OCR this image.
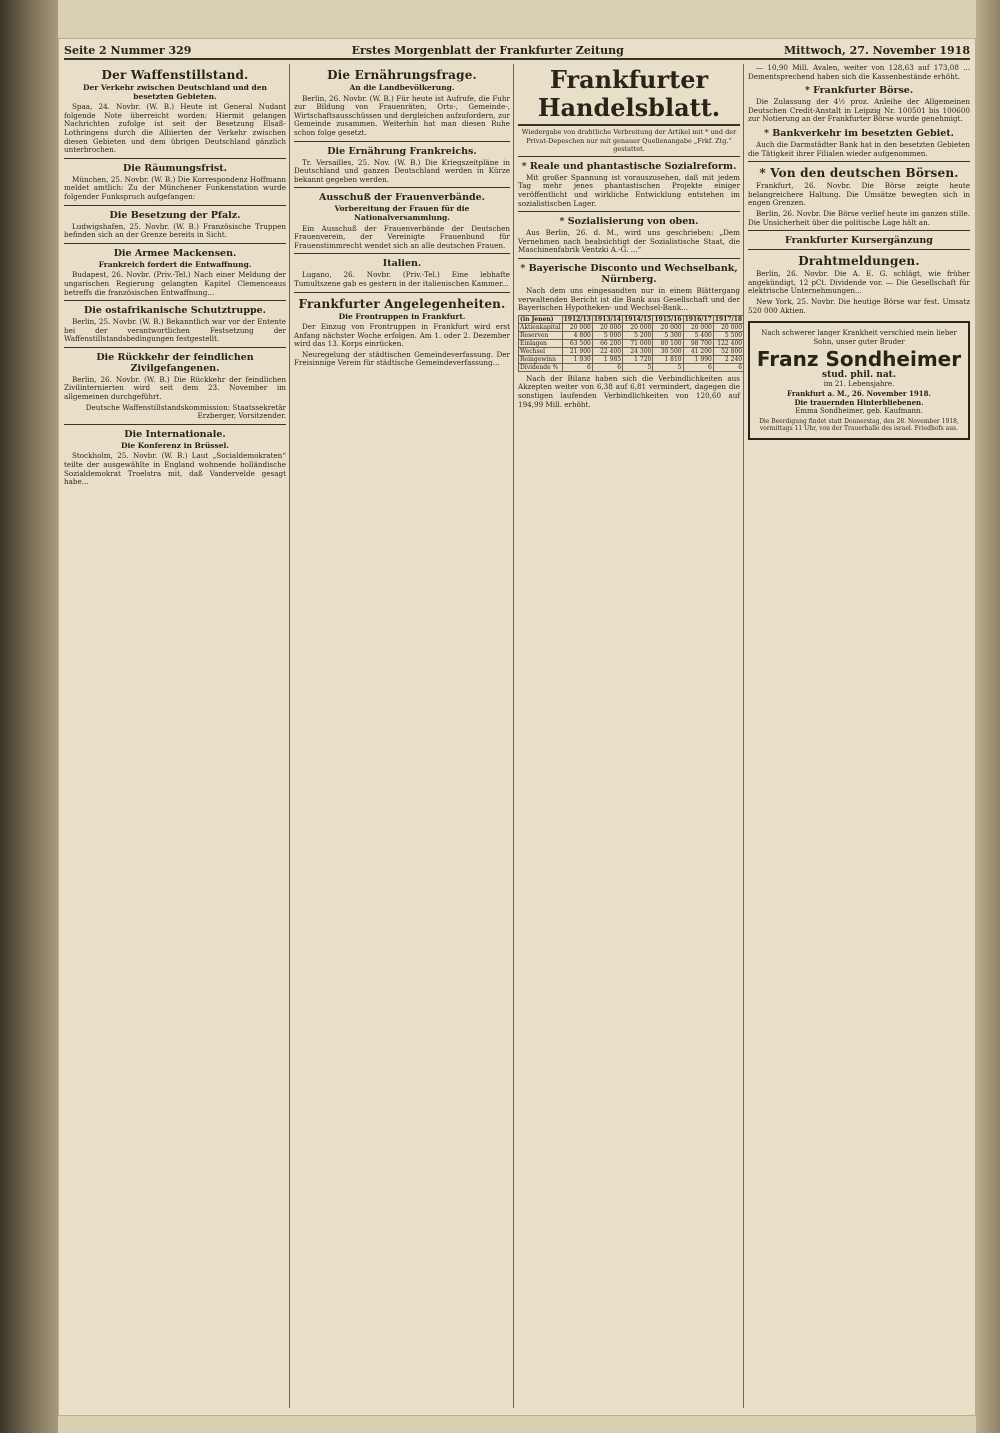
Seite 2 Nummer 329	Erstes Morgenblatt der Frankfurter Zeitung	Mittwoch, 27. November 1918
Der Waffenstillstand.
Der Verkehr zwischen Deutschland und den besetzten Gebieten.

Spaa, 24. Novbr. (W. B.) Heute ist General Nudant folgende Note überreicht worden: Hiermit gelangen Nachrichten zufolge ist seit der Besetzung Elsaß-Lothringens durch die Alliierten der Verkehr zwischen diesen Gebieten und dem übrigen Deutschland gänzlich unterbrochen.

Die Räumungsfrist.

München, 25. Novbr. (W. B.) Die Korrespondenz Hoffmann meldet amtlich: Zu der Münchener Funkenstation wurde folgender Funkspruch aufgefangen:

Die Besetzung der Pfalz.

Ludwigshafen, 25. Novbr. (W. B.) Französische Truppen befinden sich an der Grenze bereits in Sicht.

Die Armee Mackensen.
Frankreich fordert die Entwaffnung.

Budapest, 26. Novbr. (Priv.-Tel.) Nach einer Meldung der ungarischen Regierung gelangten Kapitel Clemenceaus betreffs die französischen Entwaffnung...

Die ostafrikanische Schutztruppe.

Berlin, 25. Novbr. (W. B.) Bekanntlich war vor der Entente bei der verantwortlichen Festsetzung der Waffenstillstandsbedingungen festgestellt.

Die Rückkehr der feindlichen Zivilgefangenen.

Berlin, 26. Novbr. (W. B.) Die Rückkehr der feindlichen Zivilinternierten wird seit dem 23. November im allgemeinen durchgeführt.

Deutsche Waffenstillstandskommission: Staatssekretär Erzberger, Vorsitzender.

Die Internationale.
Die Konferenz in Brüssel.

Stockholm, 25. Novbr. (W. B.) Laut „Socialdemokraten“ teilte der ausgewählte in England wohnende holländische Sozialdemokrat Troelstra mit, daß Vandervelde gesagt habe...

Die Ernährungsfrage.
An die Landbevölkerung.

Berlin, 26. Novbr. (W. B.) Für heute ist Aufrufe, die Fuhr zur Bildung von Frauenräten, Orts-, Gemeinde-, Wirtschaftsausschüssen und dergleichen aufzufordern, zur Gemeinde zusammen. Weiterhin hat man diesen Ruhe schon folge gesetzt.

Die Ernährung Frankreichs.

Tr. Versailles, 25. Nov. (W. B.) Die Kriegszeitpläne in Deutschland und ganzen Deutschland werden in Kürze bekannt gegeben werden.

Ausschuß der Frauenverbände.
Vorbereitung der Frauen für die Nationalversammlung.

Ein Ausschuß der Frauenverbände der Deutschen Frauenverein, der Vereinigte Frauenbund für Frauenstimmrecht wendet sich an alle deutschen Frauen.

Italien.

Lugano, 26. Novbr. (Priv.-Tel.) Eine lebhafte Tumultszene gab es gestern in der italienischen Kammer...

Frankfurter Angelegenheiten.
Die Frontruppen in Frankfurt.

Der Einzug von Frontruppen in Frankfurt wird erst Anfang nächster Woche erfolgen. Am 1. oder 2. Dezember wird das 13. Korps einrücken.

Neuregelung der städtischen Gemeindeverfassung. Der Freisinnige Verein für städtische Gemeindeverfassung...

Frankfurter Handelsblatt.
Wiedergabe von drahtliche Verbreitung der Artikel mit * und der Privat-Depeschen nur mit genauer Quellenangabe „Frkf. Ztg.“ gestattet.
* Reale und phantastische Sozialreform.

Mit großer Spannung ist vorauszusehen, daß mit jedem Tag mehr jenes phantastischen Projekte einiger veröffentlicht und wirkliche Entwicklung entstehen im sozialistischen Lager.

* Sozialisierung von oben.

Aus Berlin, 26. d. M., wird uns geschrieben: „Dem Vernehmen nach beabsichtigt der Sozialistische Staat, die Maschinenfabrik Ventzki A.-G. ...“

* Bayerische Disconto und Wechselbank, Nürnberg.

Nach dem uns eingesandten nur in einem Blättergang verwaltenden Bericht ist die Bank aus Gesellschaft und der Bayerischen Hypotheken- und Wechsel-Bank...

(in Jenen)	1912/13	1913/14	1914/15	1915/16	1916/17	1917/18
Aktienkapital	20 000	20 000	20 000	20 000	20 000	20 000
Reserven	4 800	5 000	5 200	5 300	5 400	5 500
Einlagen	63 500	66 200	71 000	80 100	98 700	122 400
Wechsel	21 900	22 400	24 300	30 500	41 200	52 800
Reingewinn	1 930	1 985	1 720	1 810	1 990	2 240
Dividende %	6	6	5	5	6	6

Nach der Bilanz haben sich die Verbindlichkeiten aus Akzepten weiter von 6,38 auf 6,81 vermindert, dagegen die sonstigen laufenden Verbindlichkeiten von 120,60 auf 194,99 Mill. erhöht.

— 10,90 Mill. Avalen, weiter von 128,63 auf 173,08 ... Dementsprechend haben sich die Kassenbestände erhöht.

* Frankfurter Börse.

Die Zulassung der 4½ proz. Anleihe der Allgemeinen Deutschen Credit-Anstalt in Leipzig Nr. 100501 bis 100600 zur Notierung an der Frankfurter Börse wurde genehmigt.

* Bankverkehr im besetzten Gebiet.

Auch die Darmstädter Bank hat in den besetzten Gebieten die Tätigkeit ihrer Filialen wieder aufgenommen.

* Von den deutschen Börsen.

Frankfurt, 26. Novbr. Die Börse zeigte heute belangreichere Haltung. Die Umsätze bewegten sich in engen Grenzen.

Berlin, 26. Novbr. Die Börse verlief heute im ganzen stille. Die Unsicherheit über die politische Lage hält an.

Frankfurter Kursergänzung
Drahtmeldungen.

Berlin, 26. Novbr. Die A. E. G. schlägt, wie früher angekündigt, 12 pCt. Dividende vor. — Die Gesellschaft für elektrische Unternehmungen...

New York, 25. Novbr. Die heutige Börse war fest. Umsatz 520 000 Aktien.

Nach schwerer langer Krankheit verschied mein lieber Sohn, unser guter Bruder
Franz Sondheimer
stud. phil. nat.
im 21. Lebensjahre.
Frankfurt a. M., 26. November 1918.
Die trauernden Hinterbliebenen.
Emma Sondheimer, geb. Kaufmann.
Die Beerdigung findet statt Donnerstag, den 28. November 1918, vormittags 11 Uhr, von der Trauerhalle des israel. Friedhofs aus.
